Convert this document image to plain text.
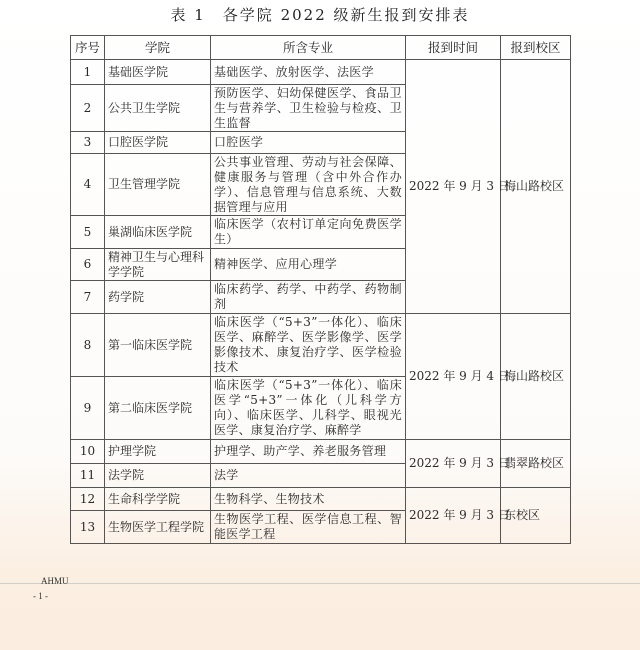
表 1　各学院 2022 级新生报到安排表
序号	学院	所含专业	报到时间	报到校区
1	基础医学院	基础医学、放射医学、法医学	2022 年 9 月 3 日	梅山路校区
2	公共卫生学院	预防医学、妇幼保健医学、食品卫生与营养学、卫生检验与检疫、卫生监督		
3	口腔医学院	口腔医学		
4	卫生管理学院	公共事业管理、劳动与社会保障、健康服务与管理（含中外合作办学）、信息管理与信息系统、大数据管理与应用		
5	巢湖临床医学院	临床医学（农村订单定向免费医学生）		
6	精神卫生与心理科学学院	精神医学、应用心理学		
7	药学院	临床药学、药学、中药学、药物制剂		
8	第一临床医学院	临床医学（“5+3”一体化）、临床医学、麻醉学、医学影像学、医学影像技术、康复治疗学、医学检验技术	2022 年 9 月 4 日	梅山路校区
9	第二临床医学院	临床医学（“5+3”一体化）、临床医学“5+3”一体化（儿科学方向）、临床医学、儿科学、眼视光医学、康复治疗学、麻醉学		
10	护理学院	护理学、助产学、养老服务管理	2022 年 9 月 3 日	翡翠路校区
11	法学院	法学		
12	生命科学学院	生物科学、生物技术	2022 年 9 月 3 日	东校区
13	生物医学工程学院	生物医学工程、医学信息工程、智能医学工程		
AHMU
- 1 -
